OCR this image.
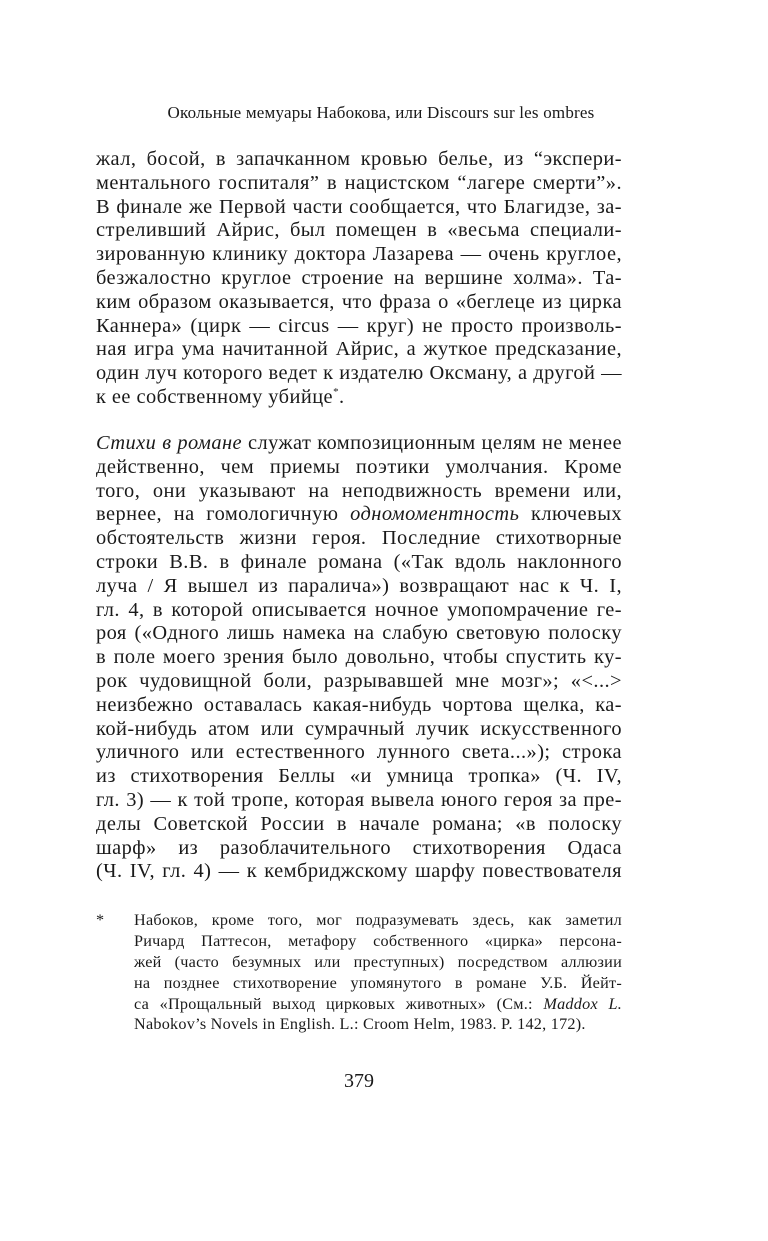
Окольные мемуары Набокова, или Discours sur les ombres
жал, босой, в запачканном кровью белье, из “экспери-
ментального госпиталя” в нацистском “лагере смерти”».
В финале же Первой части сообщается, что Благидзе, за-
стреливший Айрис, был помещен в «весьма специали-
зированную клинику доктора Лазарева — очень круглое,
безжалостно круглое строение на вершине холма». Та-
ким образом оказывается, что фраза о «беглеце из цирка
Каннера» (цирк — circus — круг) не просто произволь-
ная игра ума начитанной Айрис, а жуткое предсказание,
один луч которого ведет к издателю Оксману, а другой —
к ее собственному убийце*.
Стихи в романе служат композиционным целям не менее
действенно, чем приемы поэтики умолчания. Кроме
того, они указывают на неподвижность времени или,
вернее, на гомологичную одномоментность ключевых
обстоятельств жизни героя. Последние стихотворные
строки В.В. в финале романа («Так вдоль наклонного
луча / Я вышел из паралича») возвращают нас к Ч. I,
гл. 4, в которой описывается ночное умопомрачение ге-
роя («Одного лишь намека на слабую световую полоску
в поле моего зрения было довольно, чтобы спустить ку-
рок чудовищной боли, разрывавшей мне мозг»; «<...>
неизбежно оставалась какая-нибудь чортова щелка, ка-
кой-нибудь атом или сумрачный лучик искусственного
уличного или естественного лунного света...»); строка
из стихотворения Беллы «и умница тропка» (Ч. IV,
гл. 3) — к той тропе, которая вывела юного героя за пре-
делы Советской России в начале романа; «в полоску
шарф» из разоблачительного стихотворения Одаса
(Ч. IV, гл. 4) — к кембриджскому шарфу повествователя
* Набоков, кроме того, мог подразумевать здесь, как заметил
Ричард Паттесон, метафору собственного «цирка» персона-
жей (часто безумных или преступных) посредством аллюзии
на позднее стихотворение упомянутого в романе У.Б. Йейт-
са «Прощальный выход цирковых животных» (См.: Maddox L.
Nabokov’s Novels in English. L.: Croom Helm, 1983. P. 142, 172).
379
